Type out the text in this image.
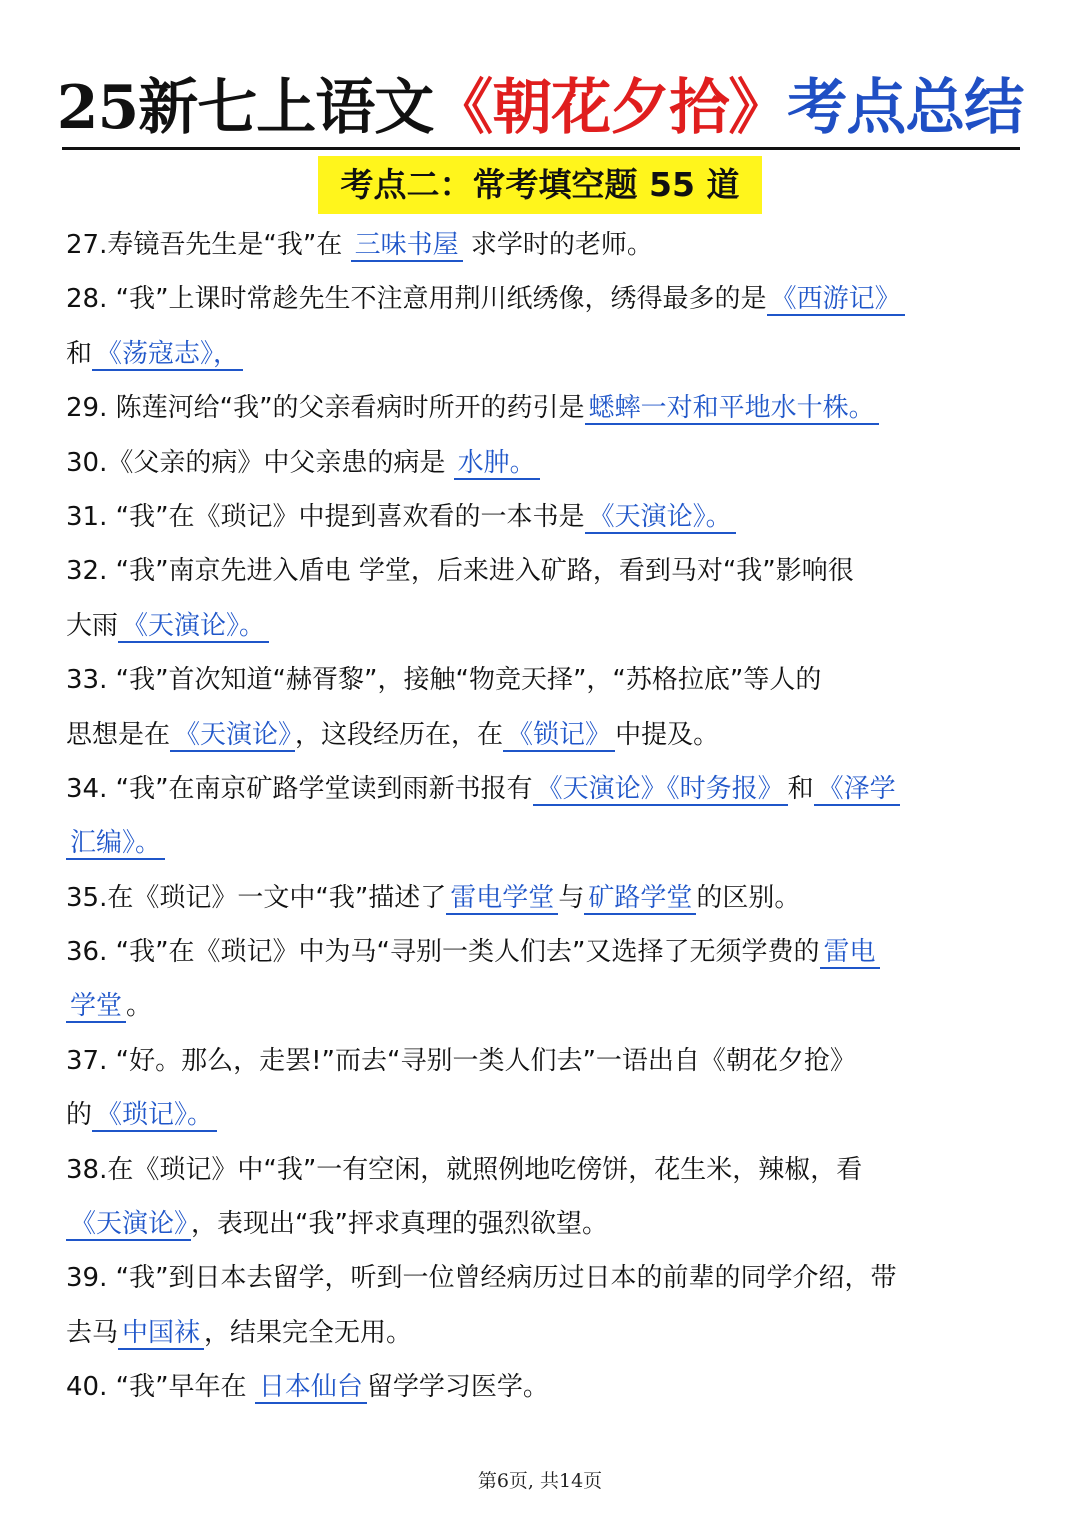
25新七上语文《朝花夕拾》考点总结
考点二：常考填空题 55 道
27.寿镜吾先生是“我”在 三味书屋 求学时的老师。
28. “我”上课时常趁先生不注意用荆川纸绣像，绣得最多的是 《西游记》
和 《荡寇志》，
29. 陈莲河给“我”的父亲看病时所开的药引是 蟋蟀一对和平地水十株。
30.《父亲的病》中父亲患的病是 水肿。
31. “我”在《琐记》中提到喜欢看的一本书是 《天演论》。
32. “我”南京先进入盾电 学堂，后来进入矿路，看到马对“我”影响很
大雨 《天演论》。
33. “我”首次知道“赫胥黎”，接触“物竞天择”，“苏格拉底”等人的
思想是在 《天演论》 ，这段经历在，在 《锁记》 中提及。
34. “我”在南京矿路学堂读到雨新书报有 《天演论》《时务报》 和 《泽学
汇编》。
35.在《琐记》一文中“我”描述了 雷电学堂 与 矿路学堂 的区别。
36. “我”在《琐记》中为马“寻别一类人们去”又选择了无须学费的 雷电
学堂 。
37. “好。那么，走罢!”而去“寻别一类人们去”一语出自《朝花夕抢》
的 《琐记》。
38.在《琐记》中“我”一有空闲，就照例地吃傍饼，花生米，辣椒，看
《天演论》 ，表现出“我”抨求真理的强烈欲望。
39. “我”到日本去留学，听到一位曾经病历过日本的前辈的同学介绍，带
去马 中国袜 ，结果完全无用。
40. “我”早年在 日本仙台 留学学习医学。
第6页, 共14页
